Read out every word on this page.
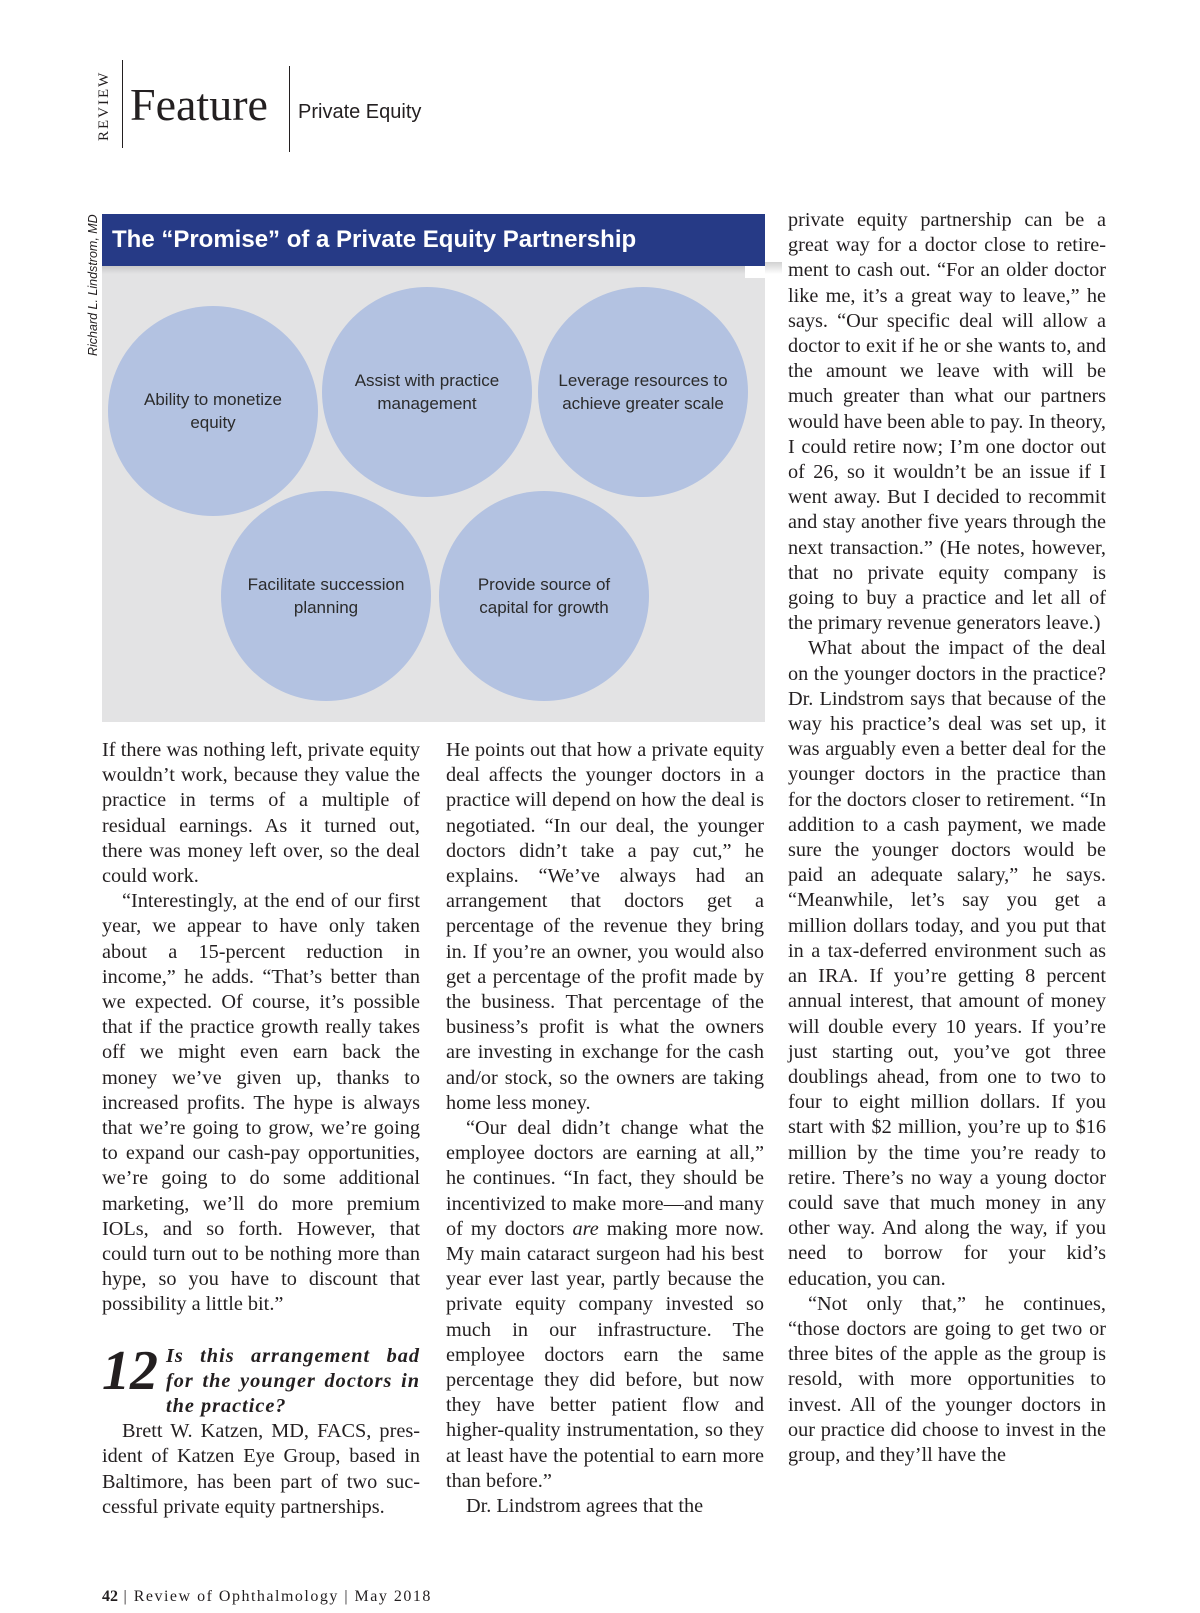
REVIEW Feature Private Equity
Richard L. Lindstrom, MD The “Promise” of a Private Equity Partnership
Ability to monetize equity
Assist with practice management
Leverage resources to achieve greater scale
Facilitate succession planning
Provide source of capital for growth

If there was nothing left, private equity wouldn’t work, because they value the practice in terms of a multiple of residual earnings. As it turned out, there was money left over, so the deal could work.

“Interestingly, at the end of our first year, we appear to have only taken about a 15-percent reduction in income,” he adds. “That’s better than we expected. Of course, it’s possible that if the practice growth really takes off we might even earn back the money we’ve given up, thanks to increased profits. The hype is always that we’re going to grow, we’re going to expand our cash-pay opportunities, we’re going to do some additional marketing, we’ll do more premium IOLs, and so forth. However, that could turn out to be nothing more than hype, so you have to discount that possibility a little bit.”

12 Is this arrangement bad for the younger doctors in the practice?

Brett W. Katzen, MD, FACS, president of Katzen Eye Group, based in Baltimore, has been part of two successful private equity partnerships.

He points out that how a private equity deal affects the younger doctors in a practice will depend on how the deal is negotiated. “In our deal, the younger doctors didn’t take a pay cut,” he explains. “We’ve always had an arrangement that doctors get a percentage of the revenue they bring in. If you’re an owner, you would also get a percentage of the profit made by the business. That percentage of the business’s profit is what the owners are investing in exchange for the cash and/or stock, so the owners are taking home less money.

“Our deal didn’t change what the employee doctors are earning at all,” he continues. “In fact, they should be incentivized to make more—and many of my doctors are making more now. My main cataract surgeon had his best year ever last year, partly because the private equity company invested so much in our infrastructure. The employee doctors earn the same percentage they did before, but now they have better patient flow and higher-quality instrumentation, so they at least have the potential to earn more than before.”

Dr. Lindstrom agrees that the

private equity partnership can be a great way for a doctor close to retirement to cash out. “For an older doctor like me, it’s a great way to leave,” he says. “Our specific deal will allow a doctor to exit if he or she wants to, and the amount we leave with will be much greater than what our partners would have been able to pay. In theory, I could retire now; I’m one doctor out of 26, so it wouldn’t be an issue if I went away. But I decided to recommit and stay another five years through the next transaction.” (He notes, however, that no private equity company is going to buy a practice and let all of the primary revenue generators leave.)

What about the impact of the deal on the younger doctors in the practice? Dr. Lindstrom says that because of the way his practice’s deal was set up, it was arguably even a better deal for the younger doctors in the practice than for the doctors closer to retirement. “In addition to a cash payment, we made sure the younger doctors would be paid an adequate salary,” he says. “Meanwhile, let’s say you get a million dollars today, and you put that in a tax-deferred environment such as an IRA. If you’re getting 8 percent annual interest, that amount of money will double every 10 years. If you’re just starting out, you’ve got three doublings ahead, from one to two to four to eight million dollars. If you start with $2 million, you’re up to $16 million by the time you’re ready to retire. There’s no way a young doctor could save that much money in any other way. And along the way, if you need to borrow for your kid’s education, you can.

“Not only that,” he continues, “those doctors are going to get two or three bites of the apple as the group is resold, with more opportunities to invest. All of the younger doctors in our practice did choose to invest in the group, and they’ll have the

42 | Review of Ophthalmology | May 2018
